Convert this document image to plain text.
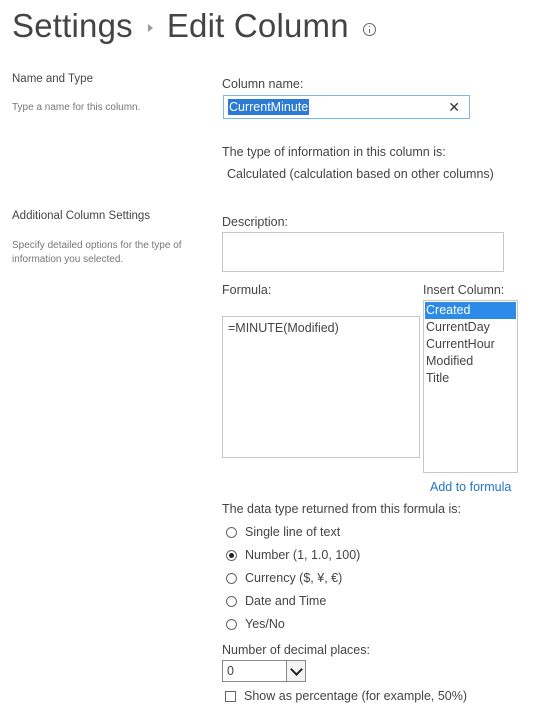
Settings Edit Column
Name and Type
Type a name for this column.
Column name:
CurrentMinute	✕
The type of information in this column is:
Calculated (calculation based on other columns)
Additional Column Settings
Specify detailed options for the type of information you selected.
Description:
Formula:
=MINUTE(Modified)
Insert Column:
Created
CurrentDay
CurrentHour
Modified
Title
Add to formula
The data type returned from this formula is:
Single line of text
Number (1, 1.0, 100)
Currency ($, ¥, €)
Date and Time
Yes/No
Number of decimal places:
0
Show as percentage (for example, 50%)
